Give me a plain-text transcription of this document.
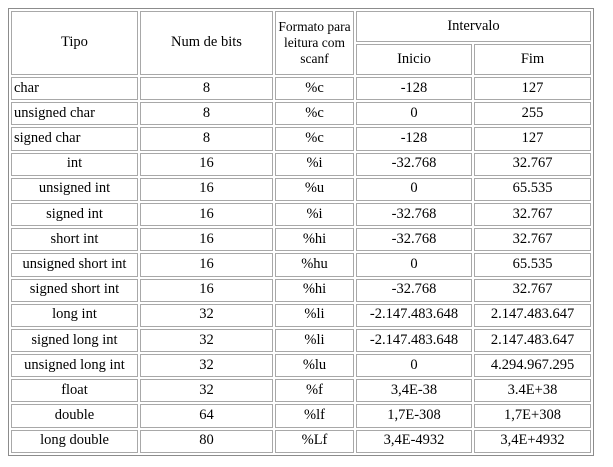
Tipo	Num de bits	Formato para leitura com scanf	Intervalo	
			Inicio	Fim
char	8	%c	-128	127
unsigned char	8	%c	0	255
signed char	8	%c	-128	127
int	16	%i	-32.768	32.767
unsigned int	16	%u	0	65.535
signed int	16	%i	-32.768	32.767
short int	16	%hi	-32.768	32.767
unsigned short int	16	%hu	0	65.535
signed short int	16	%hi	-32.768	32.767
long int	32	%li	-2.147.483.648	2.147.483.647
signed long int	32	%li	-2.147.483.648	2.147.483.647
unsigned long int	32	%lu	0	4.294.967.295
float	32	%f	3,4E-38	3.4E+38
double	64	%lf	1,7E-308	1,7E+308
long double	80	%Lf	3,4E-4932	3,4E+4932
